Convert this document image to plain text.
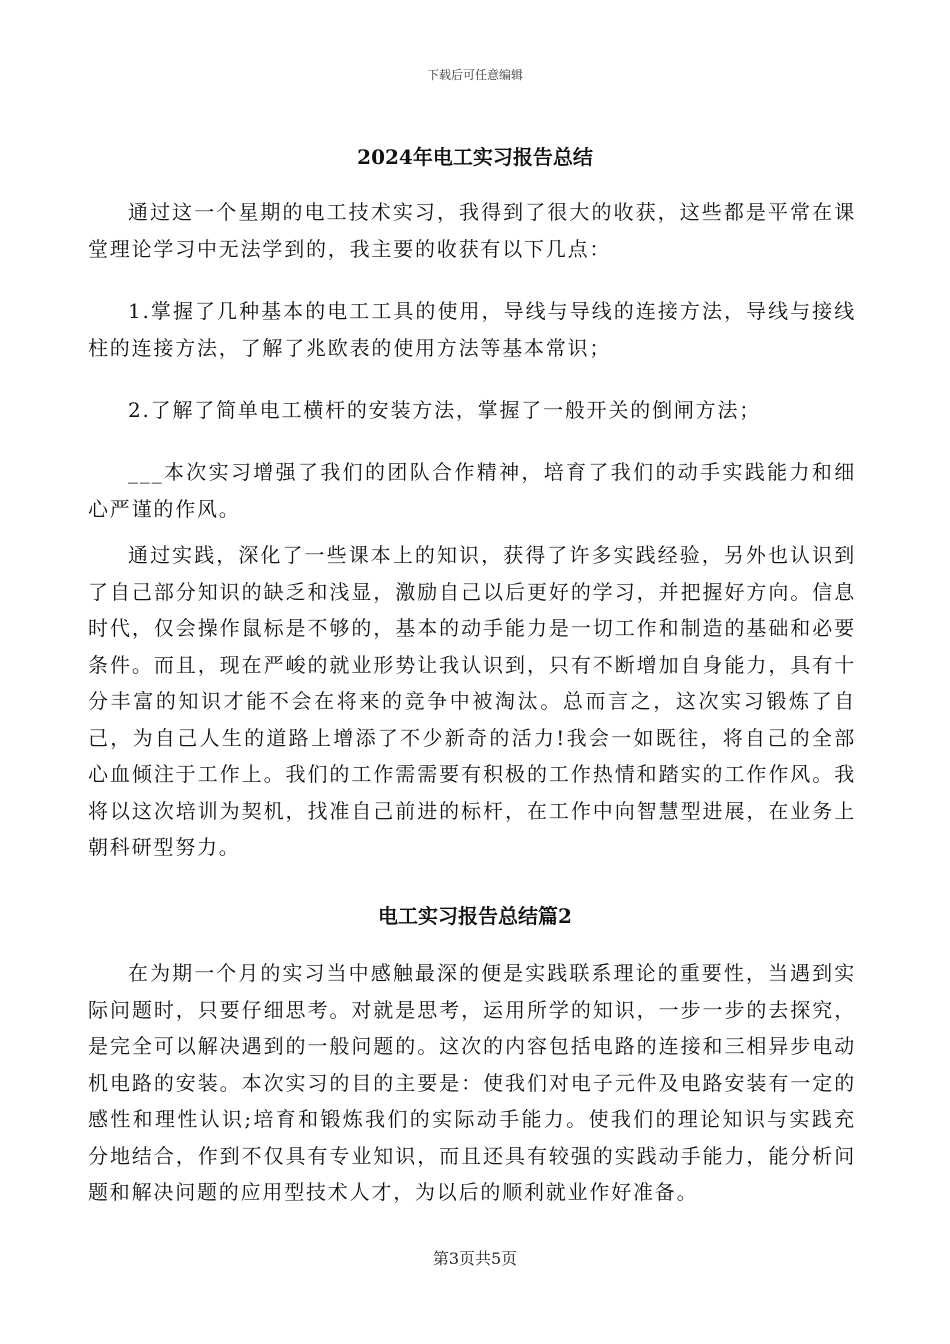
下载后可任意编辑
2024年电工实习报告总结

通过这一个星期的电工技术实习，我得到了很大的收获，这些都是平常在课堂理论学习中无法学到的，我主要的收获有以下几点：

1.掌握了几种基本的电工工具的使用，导线与导线的连接方法，导线与接线柱的连接方法，了解了兆欧表的使用方法等基本常识；

2.了解了简单电工横杆的安装方法，掌握了一般开关的倒闸方法；

___本次实习增强了我们的团队合作精神，培育了我们的动手实践能力和细心严谨的作风。

通过实践，深化了一些课本上的知识，获得了许多实践经验，另外也认识到了自己部分知识的缺乏和浅显，激励自己以后更好的学习，并把握好方向。信息时代，仅会操作鼠标是不够的，基本的动手能力是一切工作和制造的基础和必要条件。而且，现在严峻的就业形势让我认识到，只有不断增加自身能力，具有十分丰富的知识才能不会在将来的竞争中被淘汰。总而言之，这次实习锻炼了自己，为自己人生的道路上增添了不少新奇的活力!我会一如既往，将自己的全部心血倾注于工作上。我们的工作需需要有积极的工作热情和踏实的工作作风。我将以这次培训为契机，找准自己前进的标杆，在工作中向智慧型进展，在业务上朝科研型努力。

电工实习报告总结篇2

在为期一个月的实习当中感触最深的便是实践联系理论的重要性，当遇到实际问题时，只要仔细思考。对就是思考，运用所学的知识，一步一步的去探究，是完全可以解决遇到的一般问题的。这次的内容包括电路的连接和三相异步电动机电路的安装。本次实习的目的主要是：使我们对电子元件及电路安装有一定的感性和理性认识;培育和锻炼我们的实际动手能力。使我们的理论知识与实践充分地结合，作到不仅具有专业知识，而且还具有较强的实践动手能力，能分析问题和解决问题的应用型技术人才，为以后的顺利就业作好准备。

第3页共5页
